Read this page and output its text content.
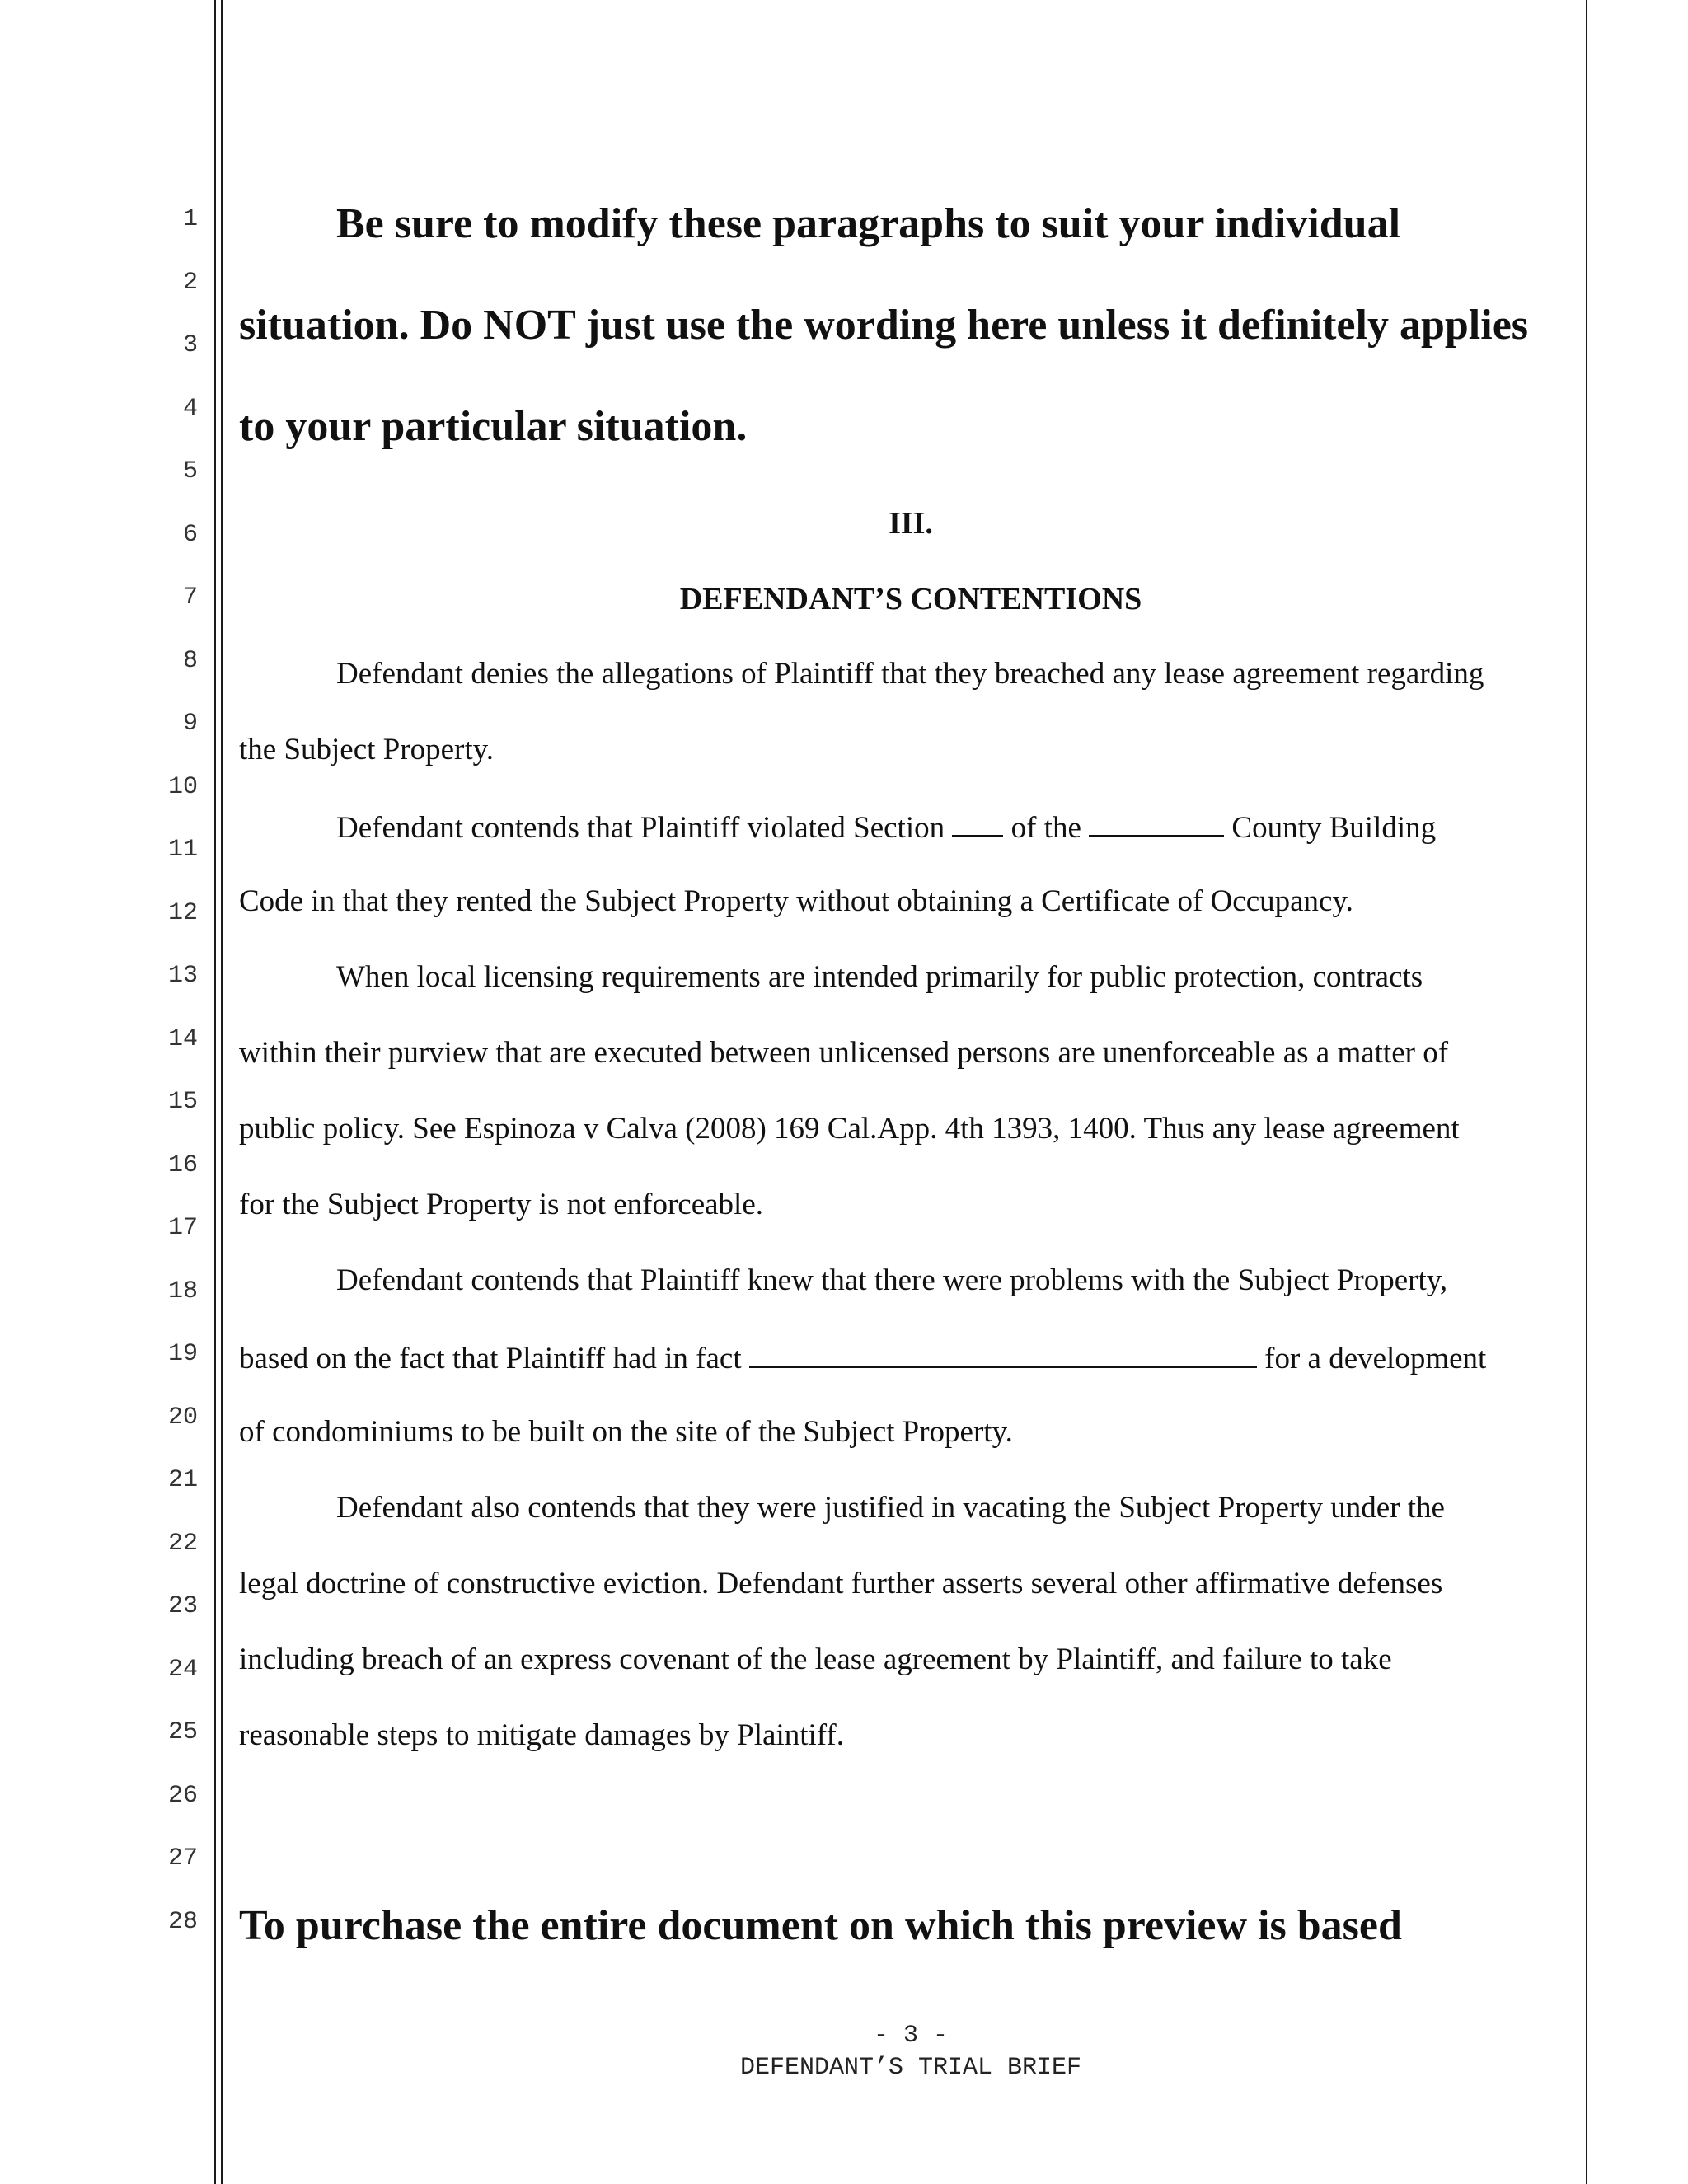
1
2
3
4
5
6
7
8
9
10
11
12
13
14
15
16
17
18
19
20
21
22
23
24
25
26
27
28
Be sure to modify these paragraphs to suit your individual
situation. Do NOT just use the wording here unless it definitely applies
to your particular situation.
III.
DEFENDANT’S CONTENTIONS
Defendant denies the allegations of Plaintiff that they breached any lease agreement regarding
the Subject Property.
Defendant contends that Plaintiff violated Section of the	County Building
Code in that they rented the Subject Property without obtaining a Certificate of Occupancy.
When local licensing requirements are intended primarily for public protection, contracts
within their purview that are executed between unlicensed persons are unenforceable as a matter of
public policy. See Espinoza v Calva (2008) 169 Cal.App. 4th 1393, 1400. Thus any lease agreement
for the Subject Property is not enforceable.
Defendant contends that Plaintiff knew that there were problems with the Subject Property,
based on the fact that Plaintiff had in fact	for a development
of condominiums to be built on the site of the Subject Property.
Defendant also contends that they were justified in vacating the Subject Property under the
legal doctrine of constructive eviction. Defendant further asserts several other affirmative defenses
including breach of an express covenant of the lease agreement by Plaintiff, and failure to take
reasonable steps to mitigate damages by Plaintiff.
To purchase the entire document on which this preview is based
- 3 -
DEFENDANT’S TRIAL BRIEF
